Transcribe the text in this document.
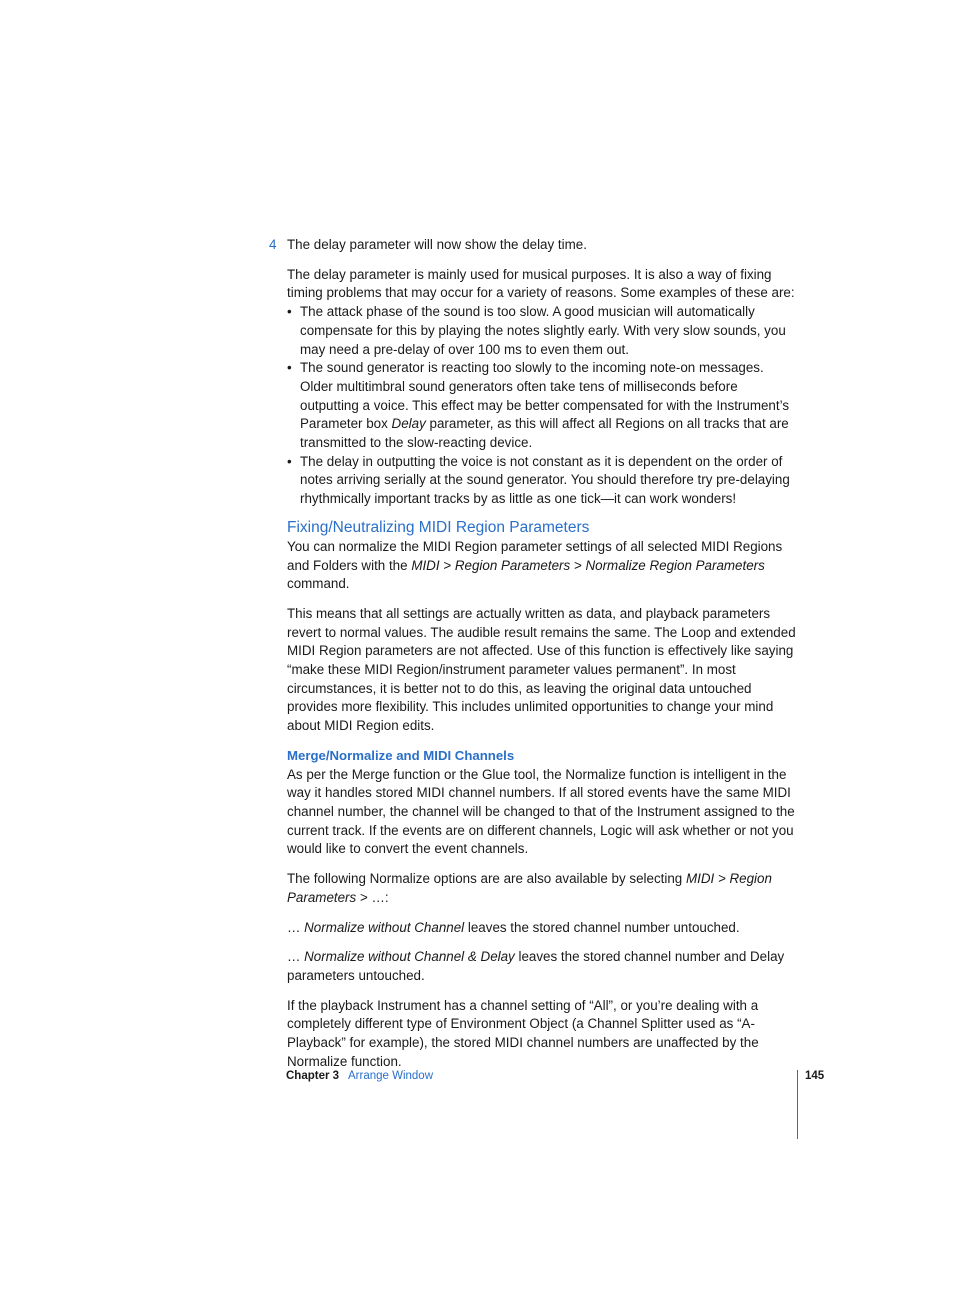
4 The delay parameter will now show the delay time.

The delay parameter is mainly used for musical purposes. It is also a way of fixing timing problems that may occur for a variety of reasons. Some examples of these are:

• The attack phase of the sound is too slow. A good musician will automatically compensate for this by playing the notes slightly early. With very slow sounds, you may need a pre-delay of over 100 ms to even them out.
• The sound generator is reacting too slowly to the incoming note-on messages. Older multitimbral sound generators often take tens of milliseconds before outputting a voice. This effect may be better compensated for with the Instrument’s Parameter box Delay parameter, as this will affect all Regions on all tracks that are transmitted to the slow-reacting device.
• The delay in outputting the voice is not constant as it is dependent on the order of notes arriving serially at the sound generator. You should therefore try pre-delaying rhythmically important tracks by as little as one tick—it can work wonders!
Fixing/Neutralizing MIDI Region Parameters

You can normalize the MIDI Region parameter settings of all selected MIDI Regions and Folders with the MIDI > Region Parameters > Normalize Region Parameters command.

This means that all settings are actually written as data, and playback parameters revert to normal values. The audible result remains the same. The Loop and extended MIDI Region parameters are not affected. Use of this function is effectively like saying “make these MIDI Region/instrument parameter values permanent”. In most circumstances, it is better not to do this, as leaving the original data untouched provides more flexibility. This includes unlimited opportunities to change your mind about MIDI Region edits.

Merge/Normalize and MIDI Channels

As per the Merge function or the Glue tool, the Normalize function is intelligent in the way it handles stored MIDI channel numbers. If all stored events have the same MIDI channel number, the channel will be changed to that of the Instrument assigned to the current track. If the events are on different channels, Logic will ask whether or not you would like to convert the event channels.

The following Normalize options are are also available by selecting MIDI > Region Parameters > …:

… Normalize without Channel leaves the stored channel number untouched.

… Normalize without Channel & Delay leaves the stored channel number and Delay parameters untouched.

If the playback Instrument has a channel setting of “All”, or you’re dealing with a completely different type of Environment Object (a Channel Splitter used as “A-Playback” for example), the stored MIDI channel numbers are unaffected by the Normalize function.

Chapter 3 Arrange Window	145
